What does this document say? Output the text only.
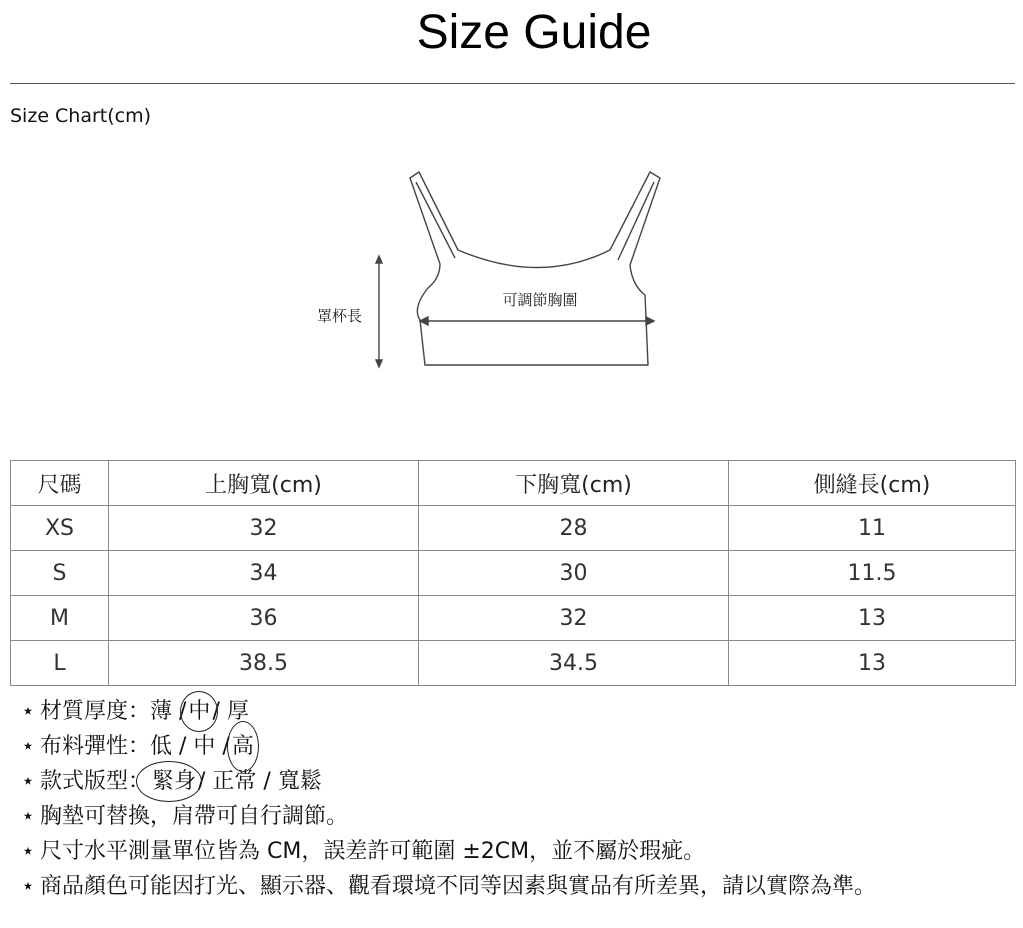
Size Guide
Size Chart(cm)
罩杯長
可調節胸圍
尺碼	上胸寬(cm)	下胸寬(cm)	側縫長(cm)
XS	32	28	11
S	34	30	11.5
M	36	32	13
L	38.5	34.5	13
⋆ 材質厚度：薄 /中/ 厚
⋆ 布料彈性：低 / 中 /高
⋆ 款式版型：緊身/ 正常 / 寬鬆
⋆ 胸墊可替換，肩帶可自行調節。
⋆ 尺寸水平測量單位皆為 CM，誤差許可範圍 ±2CM，並不屬於瑕疵。
⋆ 商品顏色可能因打光、顯示器、觀看環境不同等因素與實品有所差異，請以實際為準。
